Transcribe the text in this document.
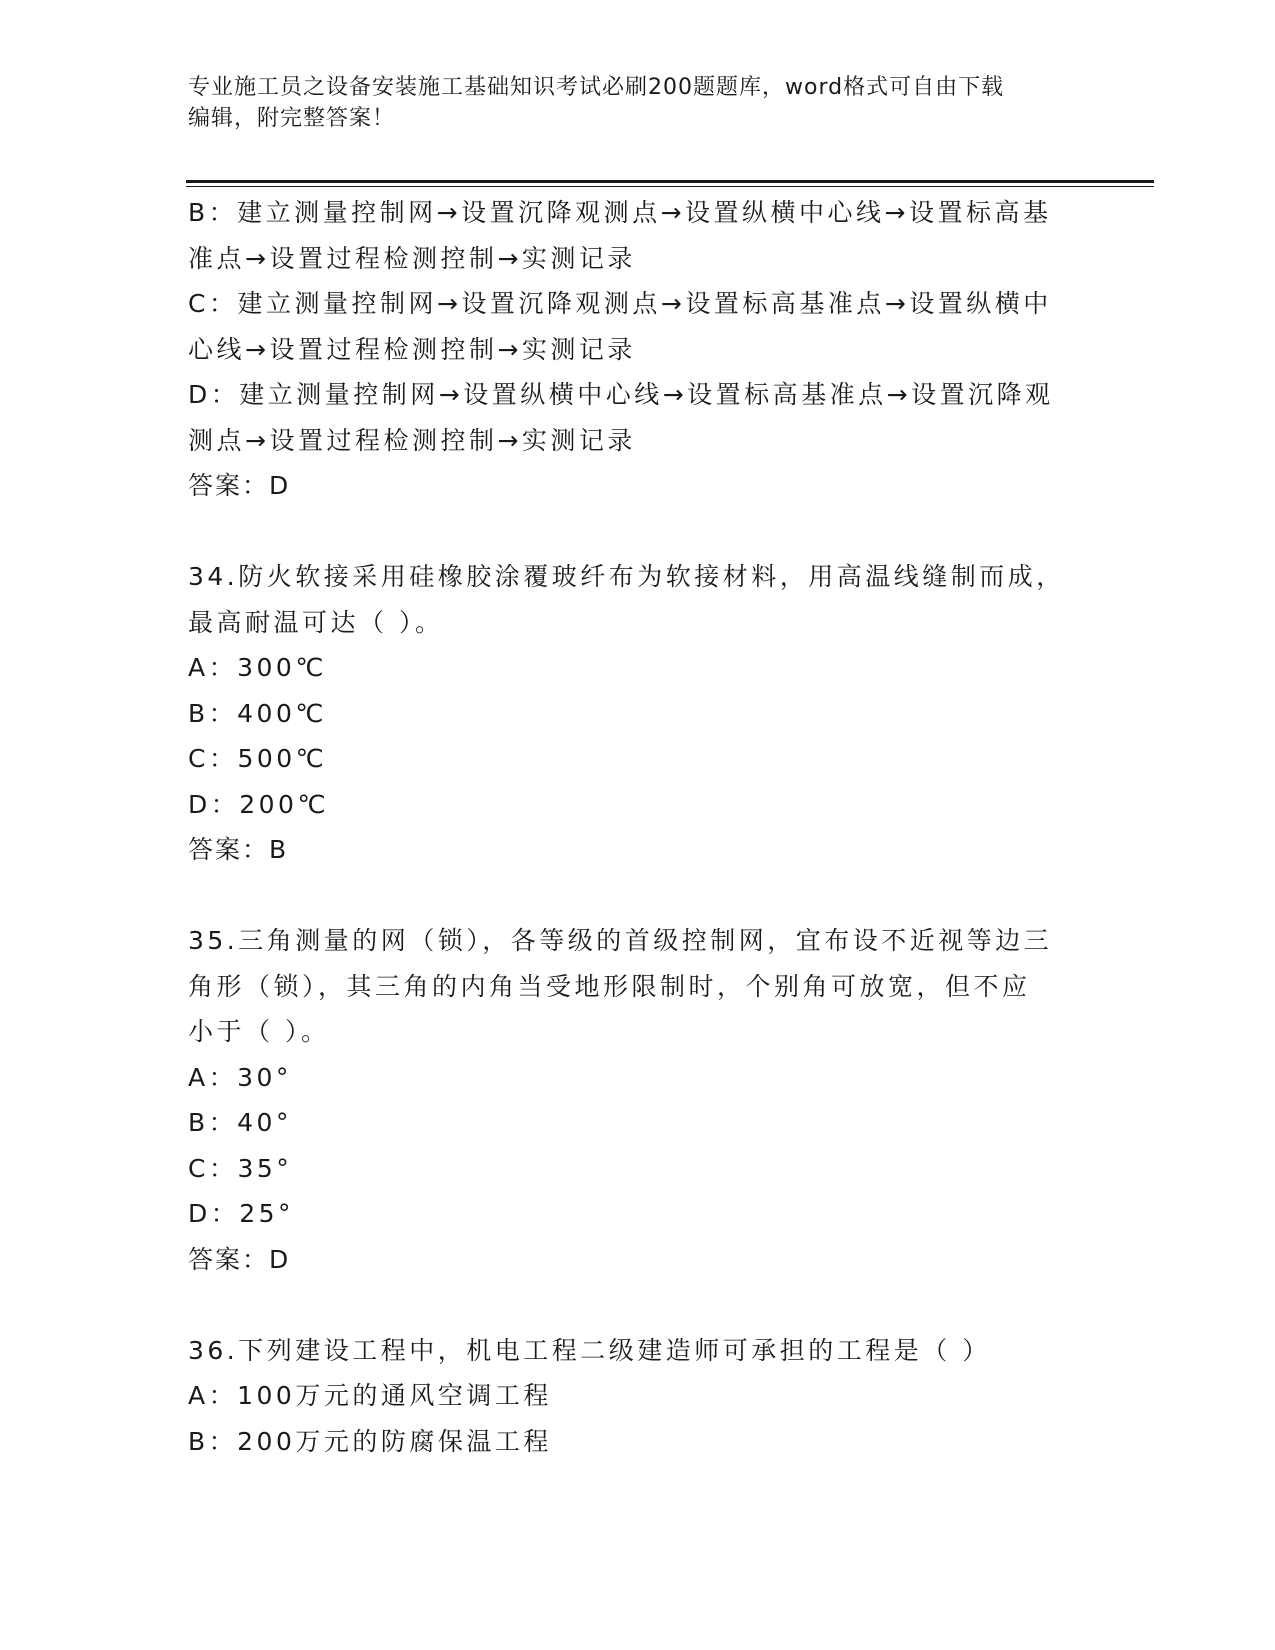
专业施工员之设备安装施工基础知识考试必刷200题题库，word格式可自由下载
编辑，附完整答案！
B：建立测量控制网→设置沉降观测点→设置纵横中心线→设置标高基
准点→设置过程检测控制→实测记录
C：建立测量控制网→设置沉降观测点→设置标高基准点→设置纵横中
心线→设置过程检测控制→实测记录
D：建立测量控制网→设置纵横中心线→设置标高基准点→设置沉降观
测点→设置过程检测控制→实测记录
答案：D
34.防火软接采用硅橡胶涂覆玻纤布为软接材料，用高温线缝制而成，
最高耐温可达（ ）。
A：300℃
B：400℃
C：500℃
D：200℃
答案：B
35.三角测量的网（锁），各等级的首级控制网，宜布设不近视等边三
角形（锁），其三角的内角当受地形限制时，个别角可放宽，但不应
小于（ ）。
A：30°
B：40°
C：35°
D：25°
答案：D
36.下列建设工程中，机电工程二级建造师可承担的工程是（ ）
A：100万元的通风空调工程
B：200万元的防腐保温工程
